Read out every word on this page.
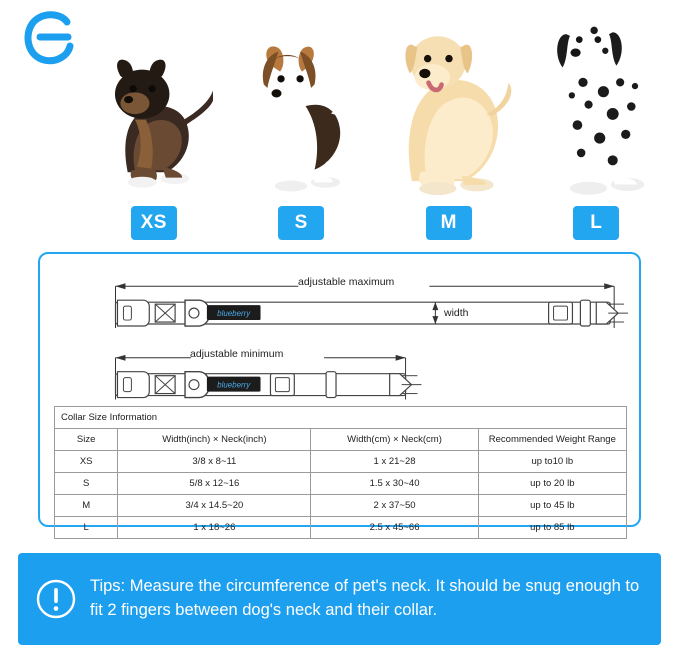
XS	S	M	L
blueberry
blueberry
adjustable maximum
adjustable minimum
width
Collar Size Information			
Size	Width(inch) × Neck(inch)	Width(cm) × Neck(cm)	Recommended Weight Range
XS	3/8 x 8~11	1 x 21~28	up to10 lb
S	5/8 x 12~16	1.5 x 30~40	up to 20 lb
M	3/4 x 14.5~20	2 x 37~50	up to 45 lb
L	1 x 18~26	2.5 x 45~66	up to 85 lb
Tips: Measure the circumference of pet's neck. It should be snug enough to fit 2 fingers between dog's neck and their collar.
